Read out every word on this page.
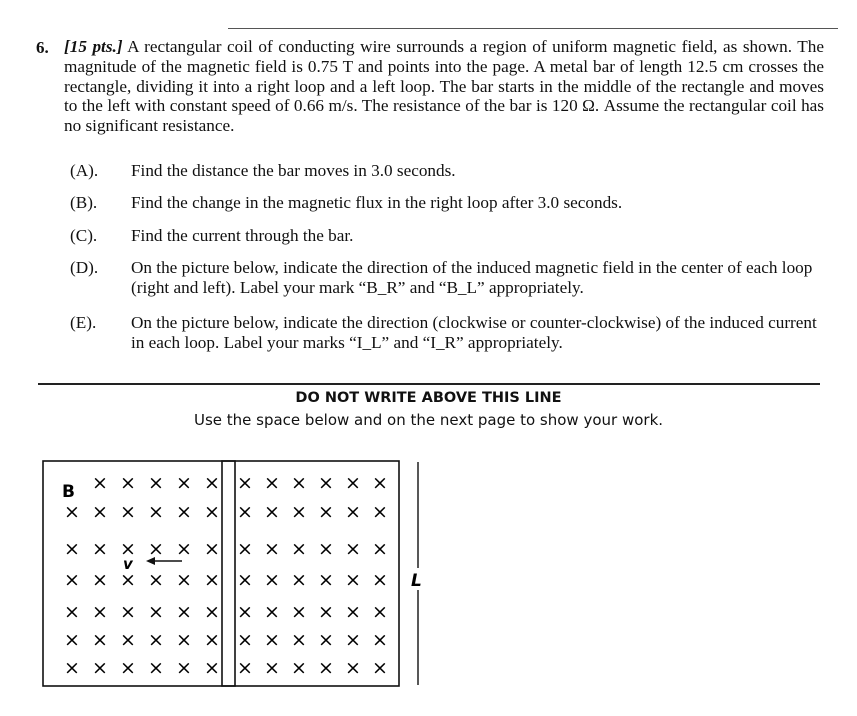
6. [15 pts.] A rectangular coil of conducting wire surrounds a region of uniform magnetic field, as shown. The magnitude of the magnetic field is 0.75 T and points into the page. A metal bar of length 12.5 cm crosses the rectangle, dividing it into a right loop and a left loop. The bar starts in the middle of the rectangle and moves to the left with constant speed of 0.66 m/s. The resistance of the bar is 120 Ω. Assume the rectangular coil has no significant resistance.
(A). Find the distance the bar moves in 3.0 seconds.
(B). Find the change in the magnetic flux in the right loop after 3.0 seconds.
(C). Find the current through the bar.
(D). On the picture below, indicate the direction of the induced magnetic field in the center of each loop (right and left). Label your mark “B_R” and “B_L” appropriately.
(E). On the picture below, indicate the direction (clockwise or counter-clockwise) of the induced current in each loop. Label your marks “I_L” and “I_R” appropriately.
DO NOT WRITE ABOVE THIS LINE
Use the space below and on the next page to show your work.
B
v
L
× × × × × × × × × × ×
× × × × × × × × × × × ×
× × × × × × × × × × × ×
× × × × × × × × × × × ×
× × × × × × × × × × × ×
× × × × × × × × × × × ×
× × × × × × × × × × × ×
